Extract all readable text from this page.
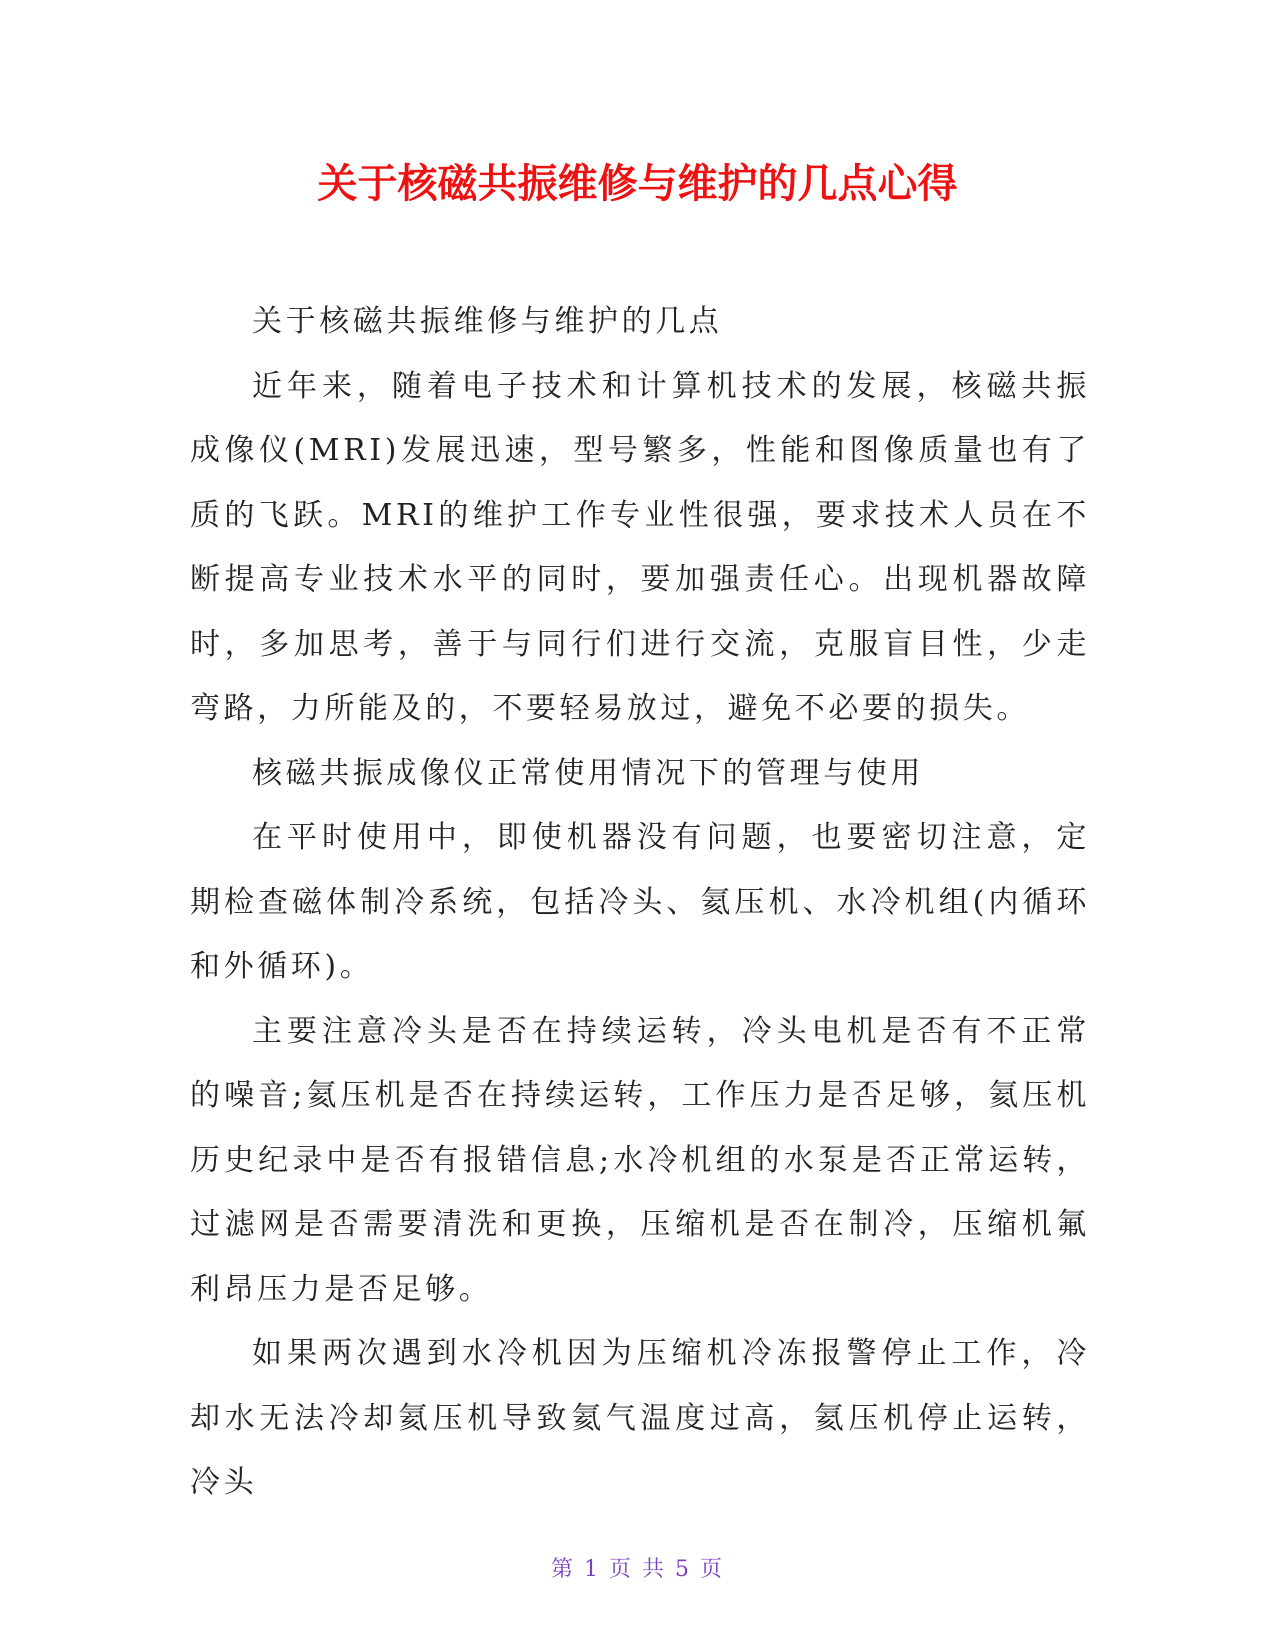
关于核磁共振维修与维护的几点心得

关于核磁共振维修与维护的几点

近年来，随着电子技术和计算机技术的发展，核磁共振成像仪(MRI)发展迅速，型号繁多，性能和图像质量也有了质的飞跃。MRI的维护工作专业性很强，要求技术人员在不断提高专业技术水平的同时，要加强责任心。出现机器故障时，多加思考，善于与同行们进行交流，克服盲目性，少走弯路，力所能及的，不要轻易放过，避免不必要的损失。

核磁共振成像仪正常使用情况下的管理与使用

在平时使用中，即使机器没有问题，也要密切注意，定期检查磁体制冷系统，包括冷头、氦压机、水冷机组(内循环和外循环)。

主要注意冷头是否在持续运转，冷头电机是否有不正常的噪音;氦压机是否在持续运转，工作压力是否足够，氦压机历史纪录中是否有报错信息;水冷机组的水泵是否正常运转，过滤网是否需要清洗和更换，压缩机是否在制冷，压缩机氟利昂压力是否足够。

如果两次遇到水冷机因为压缩机冷冻报警停止工作，冷却水无法冷却氦压机导致氦气温度过高，氦压机停止运转，冷头

第 1 页 共 5 页
